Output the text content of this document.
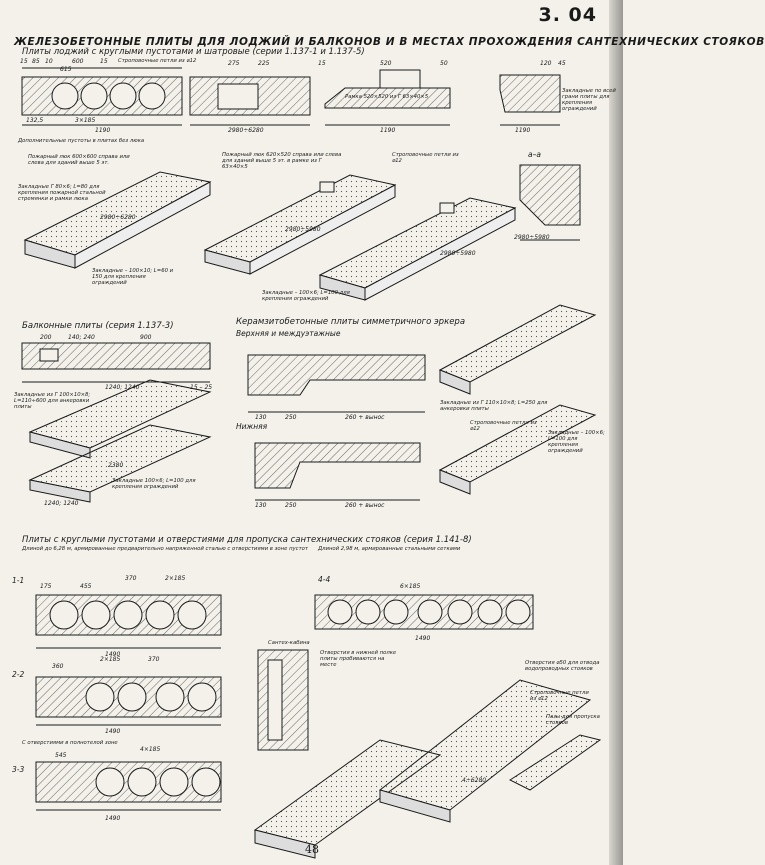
3. 04
ЖЕЛЕЗОБЕТОННЫЕ ПЛИТЫ ДЛЯ ЛОДЖИЙ И БАЛКОНОВ И В МЕСТАХ ПРОХОЖДЕНИЯ САНТЕХНИЧЕСКИХ СТОЯКОВ
Плиты лоджий с круглыми пустотами и шатровые (серии 1.137-1 и 1.137-5)
15 85 10	600	15
615
275	225	15	520	50	120 45
Строповочные петли из ⌀12
Рамка 520×520 из Г 63×40×5
132,5	3×185
1190	2980÷6280	1190	1190
Дополнительные пустоты в плитах без люка
Пожарный люк 600×600 справа или слева для зданий выше 5 эт.
Закладные Г 80×6; L=80 для крепления пожарной стальной стремянки и рамки люка
Закладные – 100×10; L=60 и 150 для крепления ограждений
Пожарный люк 620×520 справа или слева для зданий выше 5 эт. в рамке из Г 63×40×5
Строповочные петли из ⌀12
Закладные – 100×6; L=100 для крепления ограждений
2980÷6280
2980÷5980
2980÷5980
а–а
2980÷5980
Закладные по всей грани плиты для крепления ограждений
Балконные плиты (серия 1.137-3)
200	140; 240	900
1240; 1240	15 – 25
Закладные из Г 100×10×8; L=110÷600 для анкеровки плиты
Закладные 100×6; L=100 для крепления ограждений
2380
1240; 1240
Керамзитобетонные плиты симметричного эркера
Верхняя и междуэтажные
Нижняя
130	250	260 + вынос
130	250	260 + вынос
Закладные из Г 110×10×8; L=250 для анкеровки плиты
Строповочные петли из ⌀12
Закладные – 100×6; L=100 для крепления ограждений
Плиты с круглыми пустотами и отверстиями для пропуска сантехнических стояков (серия 1.141-8)
Длиной до 6,28 м, армированные предварительно напряженной сталью с отверстиями в зоне пустот	Длиной 2,98 м, армированные стальными сетками
1-1
2-2
3-3
4-4
175	455
370	2×185
1490
360
2×185	370
1490
С отверстиями в полнотелой зоне
545
4×185
1490
6×185
1490
Сантех-кабина
Отверстия в нижней полке плиты пробиваются на месте	Отверстия ⌀50 для отвода водопроводных стояков
Строповочные петли из ⌀12
Пазы для пропуска стояков
4÷6280
48
